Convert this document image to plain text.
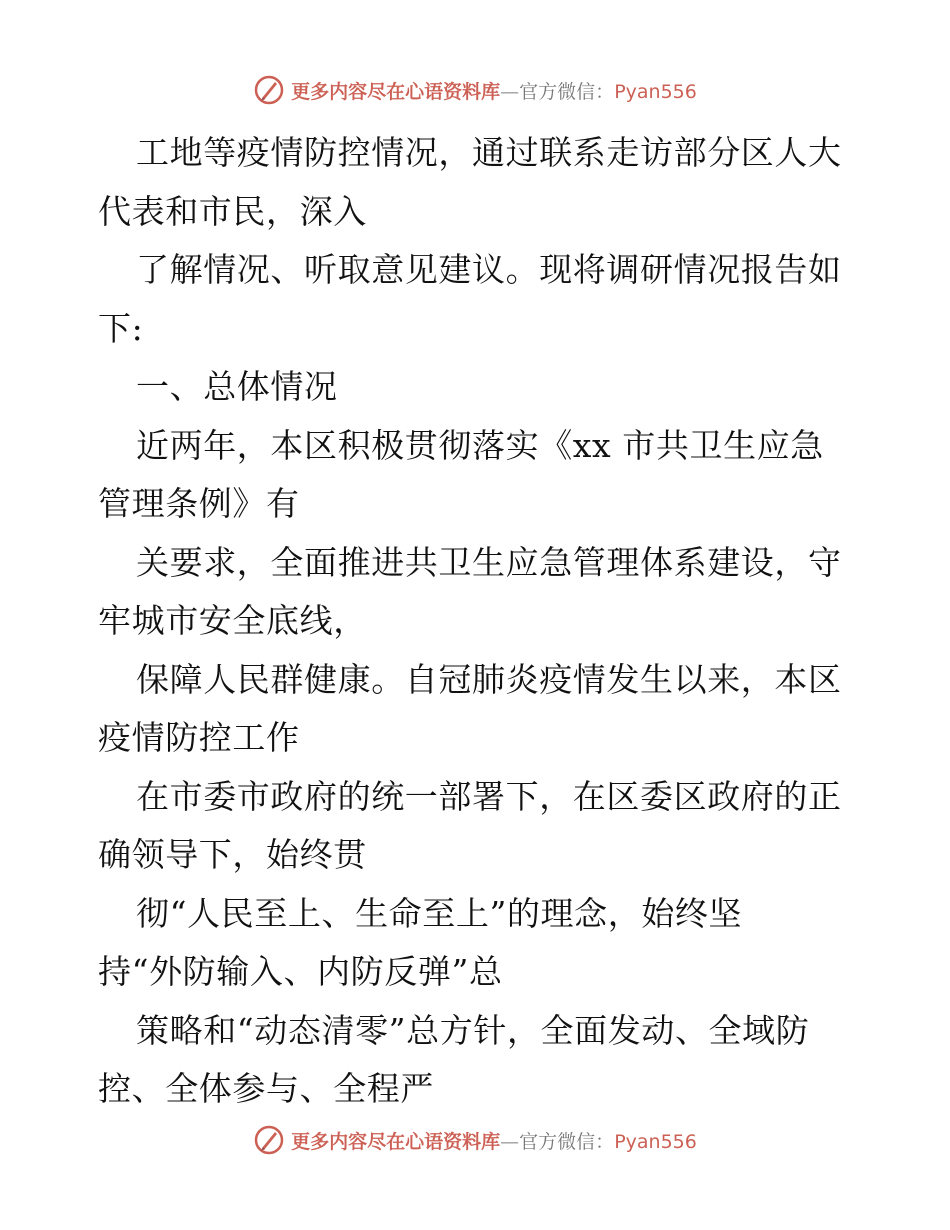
更多内容尽在心语资料库—官方微信：Pyan556
工地等疫情防控情况，通过联系走访部分区人大
代表和市民，深入
了解情况、听取意见建议。现将调研情况报告如
下:
一、总体情况
近两年，本区积极贯彻落实《xx 市共卫生应急
管理条例》有
关要求，全面推进共卫生应急管理体系建设，守
牢城市安全底线，
保障人民群健康。自冠肺炎疫情发生以来，本区
疫情防控工作
在市委市政府的统一部署下，在区委区政府的正
确领导下，始终贯
彻“人民至上、生命至上”的理念，始终坚
持“外防输入、内防反弹”总
策略和“动态清零”总方针，全面发动、全域防
控、全体参与、全程严
更多内容尽在心语资料库—官方微信：Pyan556
